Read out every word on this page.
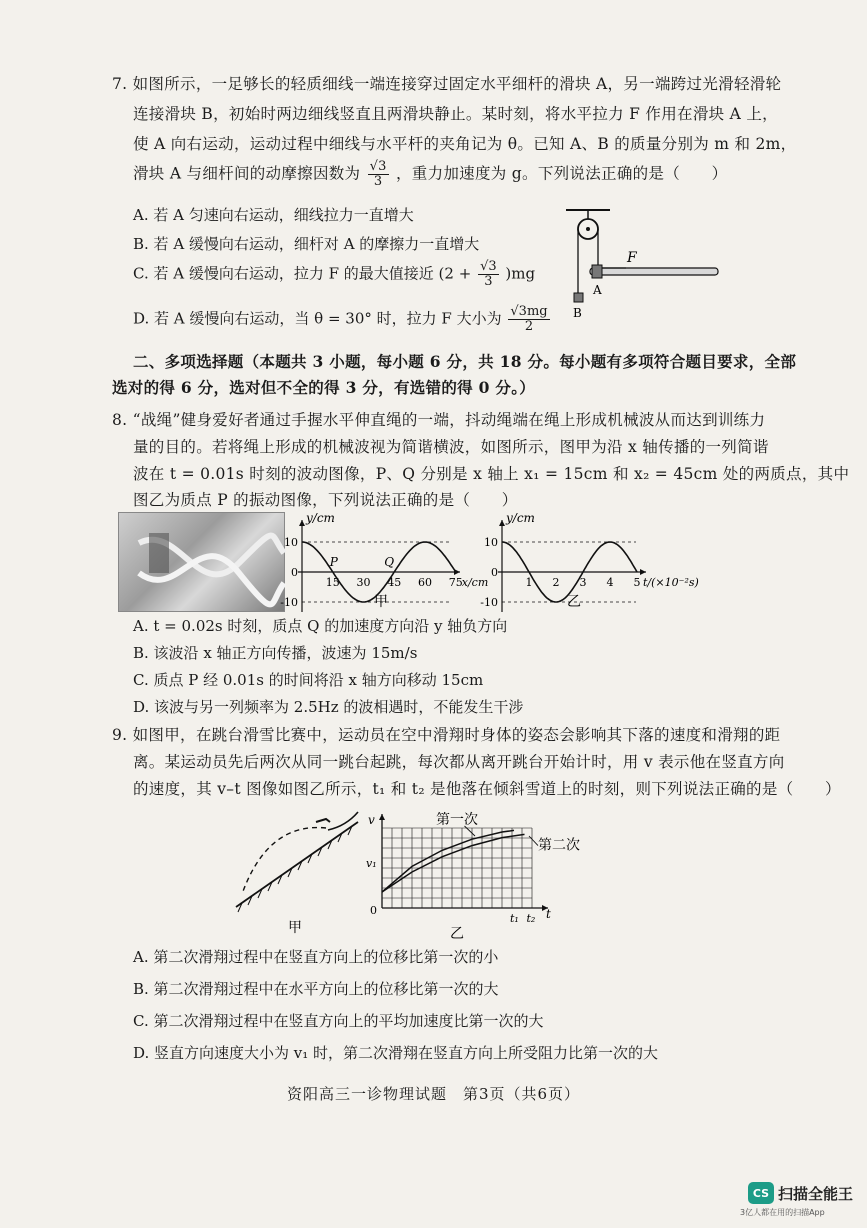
7. 如图所示，一足够长的轻质细线一端连接穿过固定水平细杆的滑块 A，另一端跨过光滑轻滑轮
连接滑块 B，初始时两边细线竖直且两滑块静止。某时刻，将水平拉力 F 作用在滑块 A 上，
使 A 向右运动，运动过程中细线与水平杆的夹角记为 θ。已知 A、B 的质量分别为 m 和 2m，
滑块 A 与细杆间的动摩擦因数为 $\frac{√3}{3}$ ，重力加速度为 g。下列说法正确的是（　　）
A. 若 A 匀速向右运动，细线拉力一直增大
B. 若 A 缓慢向右运动，细杆对 A 的摩擦力一直增大
C. 若 A 缓慢向右运动，拉力 F 的最大值接近 $(2 + \frac{√3}{3} )mg$
D. 若 A 缓慢向右运动，当 θ = 30° 时，拉力 F 大小为 $\frac{√3mg}{2}$
F
A
B
二、多项选择题（本题共 3 小题，每小题 6 分，共 18 分。每小题有多项符合题目要求，全部
选对的得 6 分，选对但不全的得 3 分，有选错的得 0 分。）
8. “战绳”健身爱好者通过手握水平伸直绳的一端，抖动绳端在绳上形成机械波从而达到训练力
量的目的。若将绳上形成的机械波视为简谐横波，如图所示，图甲为沿 x 轴传播的一列简谐
波在 t = 0.01s 时刻的波动图像，P、Q 分别是 x 轴上 x₁ = 15cm 和 x₂ = 45cm 处的两质点，其中
图乙为质点 P 的振动图像，下列说法正确的是（　　）
y/cm
10
0
-10
15 30 45 60 75 x/cm
甲
P	Q
y/cm
10
0
-10
1 2 3 4 5 t/(×10⁻²s)
乙
A. t = 0.02s 时刻，质点 Q 的加速度方向沿 y 轴负方向
B. 该波沿 x 轴正方向传播，波速为 15m/s
C. 质点 P 经 0.01s 的时间将沿 x 轴方向移动 15cm
D. 该波与另一列频率为 2.5Hz 的波相遇时，不能发生干涉
9. 如图甲，在跳台滑雪比赛中，运动员在空中滑翔时身体的姿态会影响其下落的速度和滑翔的距
离。某运动员先后两次从同一跳台起跳，每次都从离开跳台开始计时，用 v 表示他在竖直方向
的速度，其 v–t 图像如图乙所示，t₁ 和 t₂ 是他落在倾斜雪道上的时刻，则下列说法正确的是（　　）
甲
v
t
v₁
0
t₁ t₂
第一次
第二次
乙
A. 第二次滑翔过程中在竖直方向上的位移比第一次的小
B. 第二次滑翔过程中在水平方向上的位移比第一次的大
C. 第二次滑翔过程中在竖直方向上的平均加速度比第一次的大
D. 竖直方向速度大小为 v₁ 时，第二次滑翔在竖直方向上所受阻力比第一次的大
资阳高三一诊物理试题　第3页（共6页）
CS 扫描全能王
3亿人都在用的扫描App
